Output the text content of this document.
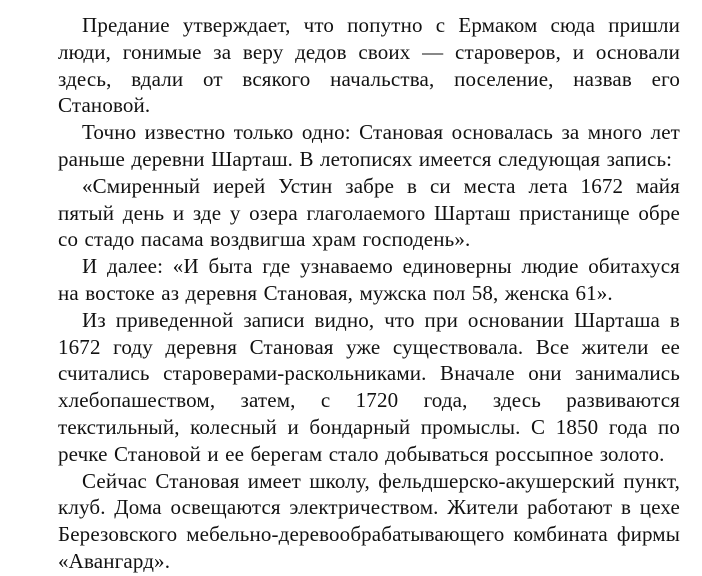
Предание утверждает, что попутно с Ермаком сюда пришли люди, гонимые за веру дедов своих — староверов, и основали здесь, вдали от всякого начальства, поселение, назвав его Становой.

Точно известно только одно: Становая основалась за много лет раньше деревни Шарташ. В летописях имеется следующая запись:

«Смиренный иерей Устин забре в си места лета 1672 майя пятый день и зде у озера глаголаемого Шарташ пристанище обре со стадо пасама воздвигша храм господень».

И далее: «И быта где узнаваемо единоверны людие обитахуся на востоке аз деревня Становая, мужска пол 58, женска 61».

Из приведенной записи видно, что при основании Шарташа в 1672 году деревня Становая уже существовала. Все жители ее считались староверами-раскольниками. Вначале они занимались хлебопашеством, затем, с 1720 года, здесь развиваются текстильный, колесный и бондарный промыслы. С 1850 года по речке Становой и ее берегам стало добываться россыпное золото.

Сейчас Становая имеет школу, фельдшерско-акушерский пункт, клуб. Дома освещаются электричеством. Жители работают в цехе Березовского мебельно-деревообрабатывающего комбината фирмы «Авангард».
